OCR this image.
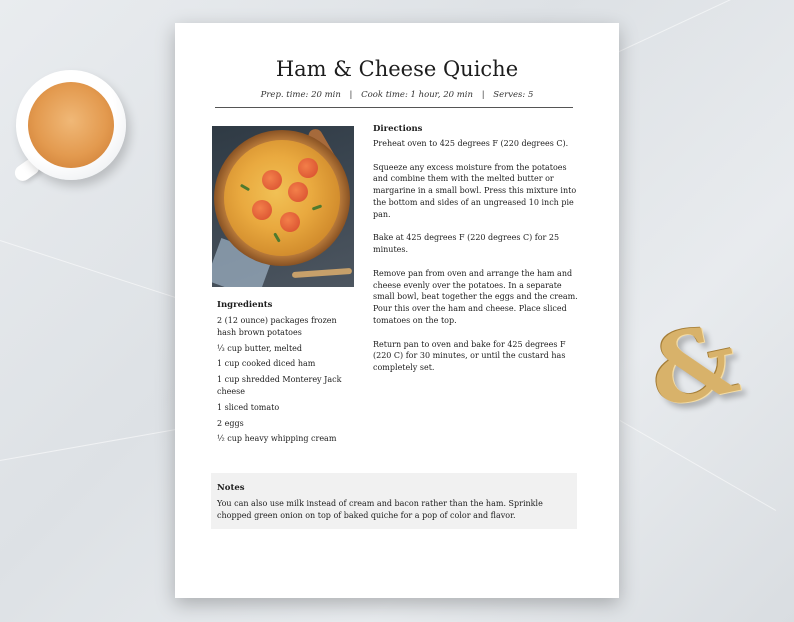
&
Ham & Cheese Quiche
Prep. time: 20 min | Cook time: 1 hour, 20 min | Serves: 5
Directions

Preheat oven to 425 degrees F (220 degrees C).

Squeeze any excess moisture from the potatoes and combine them with the melted butter or margarine in a small bowl. Press this mixture into the bottom and sides of an ungreased 10 inch pie pan.

Bake at 425 degrees F (220 degrees C) for 25 minutes.

Remove pan from oven and arrange the ham and cheese evenly over the potatoes. In a separate small bowl, beat together the eggs and the cream. Pour this over the ham and cheese. Place sliced tomatoes on the top.

Return pan to oven and bake for 425 degrees F (220 C) for 30 minutes, or until the custard has completely set.

Ingredients
2 (12 ounce) packages frozen hash brown potatoes
⅓ cup butter, melted
1 cup cooked diced ham
1 cup shredded Monterey Jack cheese
1 sliced tomato
2 eggs
½ cup heavy whipping cream
Notes
You can also use milk instead of cream and bacon rather than the ham. Sprinkle chopped green onion on top of baked quiche for a pop of color and flavor.
